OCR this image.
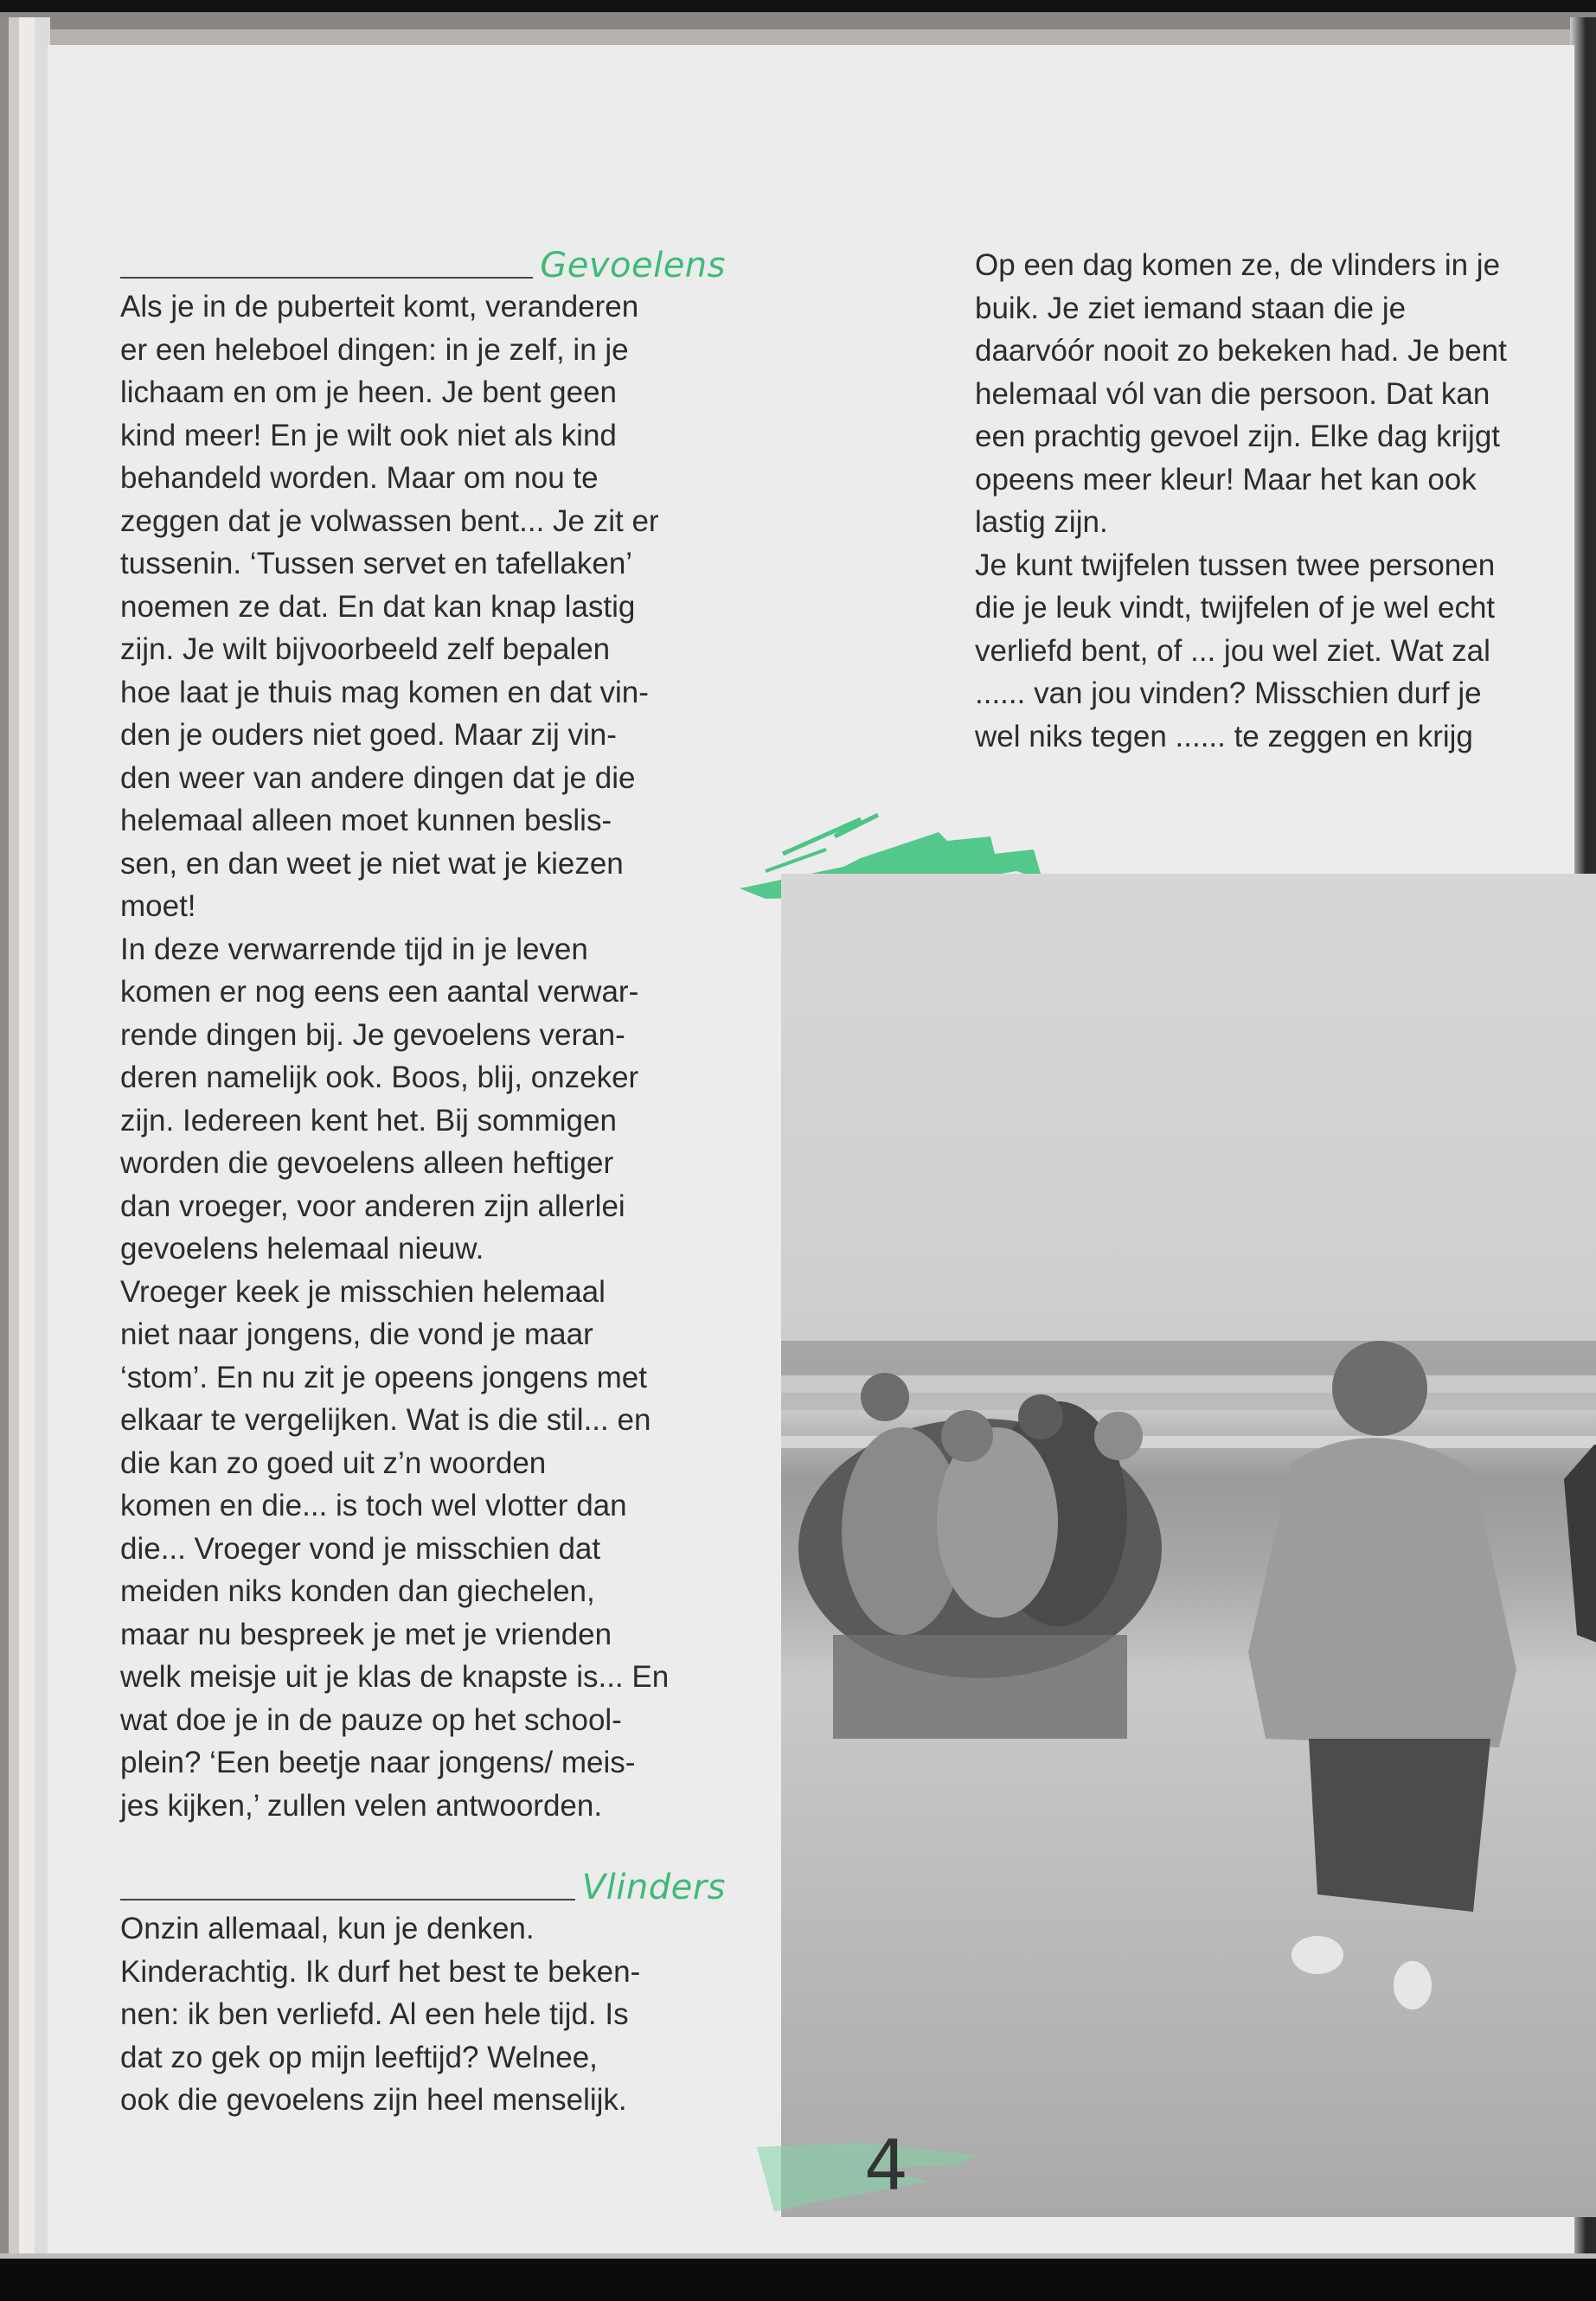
Gevoelens

Als je in de puberteit komt, veranderen
er een heleboel dingen: in je zelf, in je
lichaam en om je heen. Je bent geen
kind meer! En je wilt ook niet als kind
behandeld worden. Maar om nou te
zeggen dat je volwassen bent... Je zit er
tussenin. ‘Tussen servet en tafellaken’
noemen ze dat. En dat kan knap lastig
zijn. Je wilt bijvoorbeeld zelf bepalen
hoe laat je thuis mag komen en dat vin-
den je ouders niet goed. Maar zij vin-
den weer van andere dingen dat je die
helemaal alleen moet kunnen beslis-
sen, en dan weet je niet wat je kiezen
moet!
In deze verwarrende tijd in je leven
komen er nog eens een aantal verwar-
rende dingen bij. Je gevoelens veran-
deren namelijk ook. Boos, blij, onzeker
zijn. Iedereen kent het. Bij sommigen
worden die gevoelens alleen heftiger
dan vroeger, voor anderen zijn allerlei
gevoelens helemaal nieuw.
Vroeger keek je misschien helemaal
niet naar jongens, die vond je maar
‘stom’. En nu zit je opeens jongens met
elkaar te vergelijken. Wat is die stil... en
die kan zo goed uit z’n woorden
komen en die... is toch wel vlotter dan
die... Vroeger vond je misschien dat
meiden niks konden dan giechelen,
maar nu bespreek je met je vrienden
welk meisje uit je klas de knapste is... En
wat doe je in de pauze op het school-
plein? ‘Een beetje naar jongens/ meis-
jes kijken,’ zullen velen antwoorden.

Vlinders

Onzin allemaal, kun je denken.
Kinderachtig. Ik durf het best te beken-
nen: ik ben verliefd. Al een hele tijd. Is
dat zo gek op mijn leeftijd? Welnee,
ook die gevoelens zijn heel menselijk.

Op een dag komen ze, de vlinders in je
buik. Je ziet iemand staan die je
daarvóór nooit zo bekeken had. Je bent
helemaal vól van die persoon. Dat kan
een prachtig gevoel zijn. Elke dag krijgt
opeens meer kleur! Maar het kan ook
lastig zijn.
Je kunt twijfelen tussen twee personen
die je leuk vindt, twijfelen of je wel echt
verliefd bent, of ... jou wel ziet. Wat zal
...... van jou vinden? Misschien durf je
wel niks tegen ...... te zeggen en krijg

4
